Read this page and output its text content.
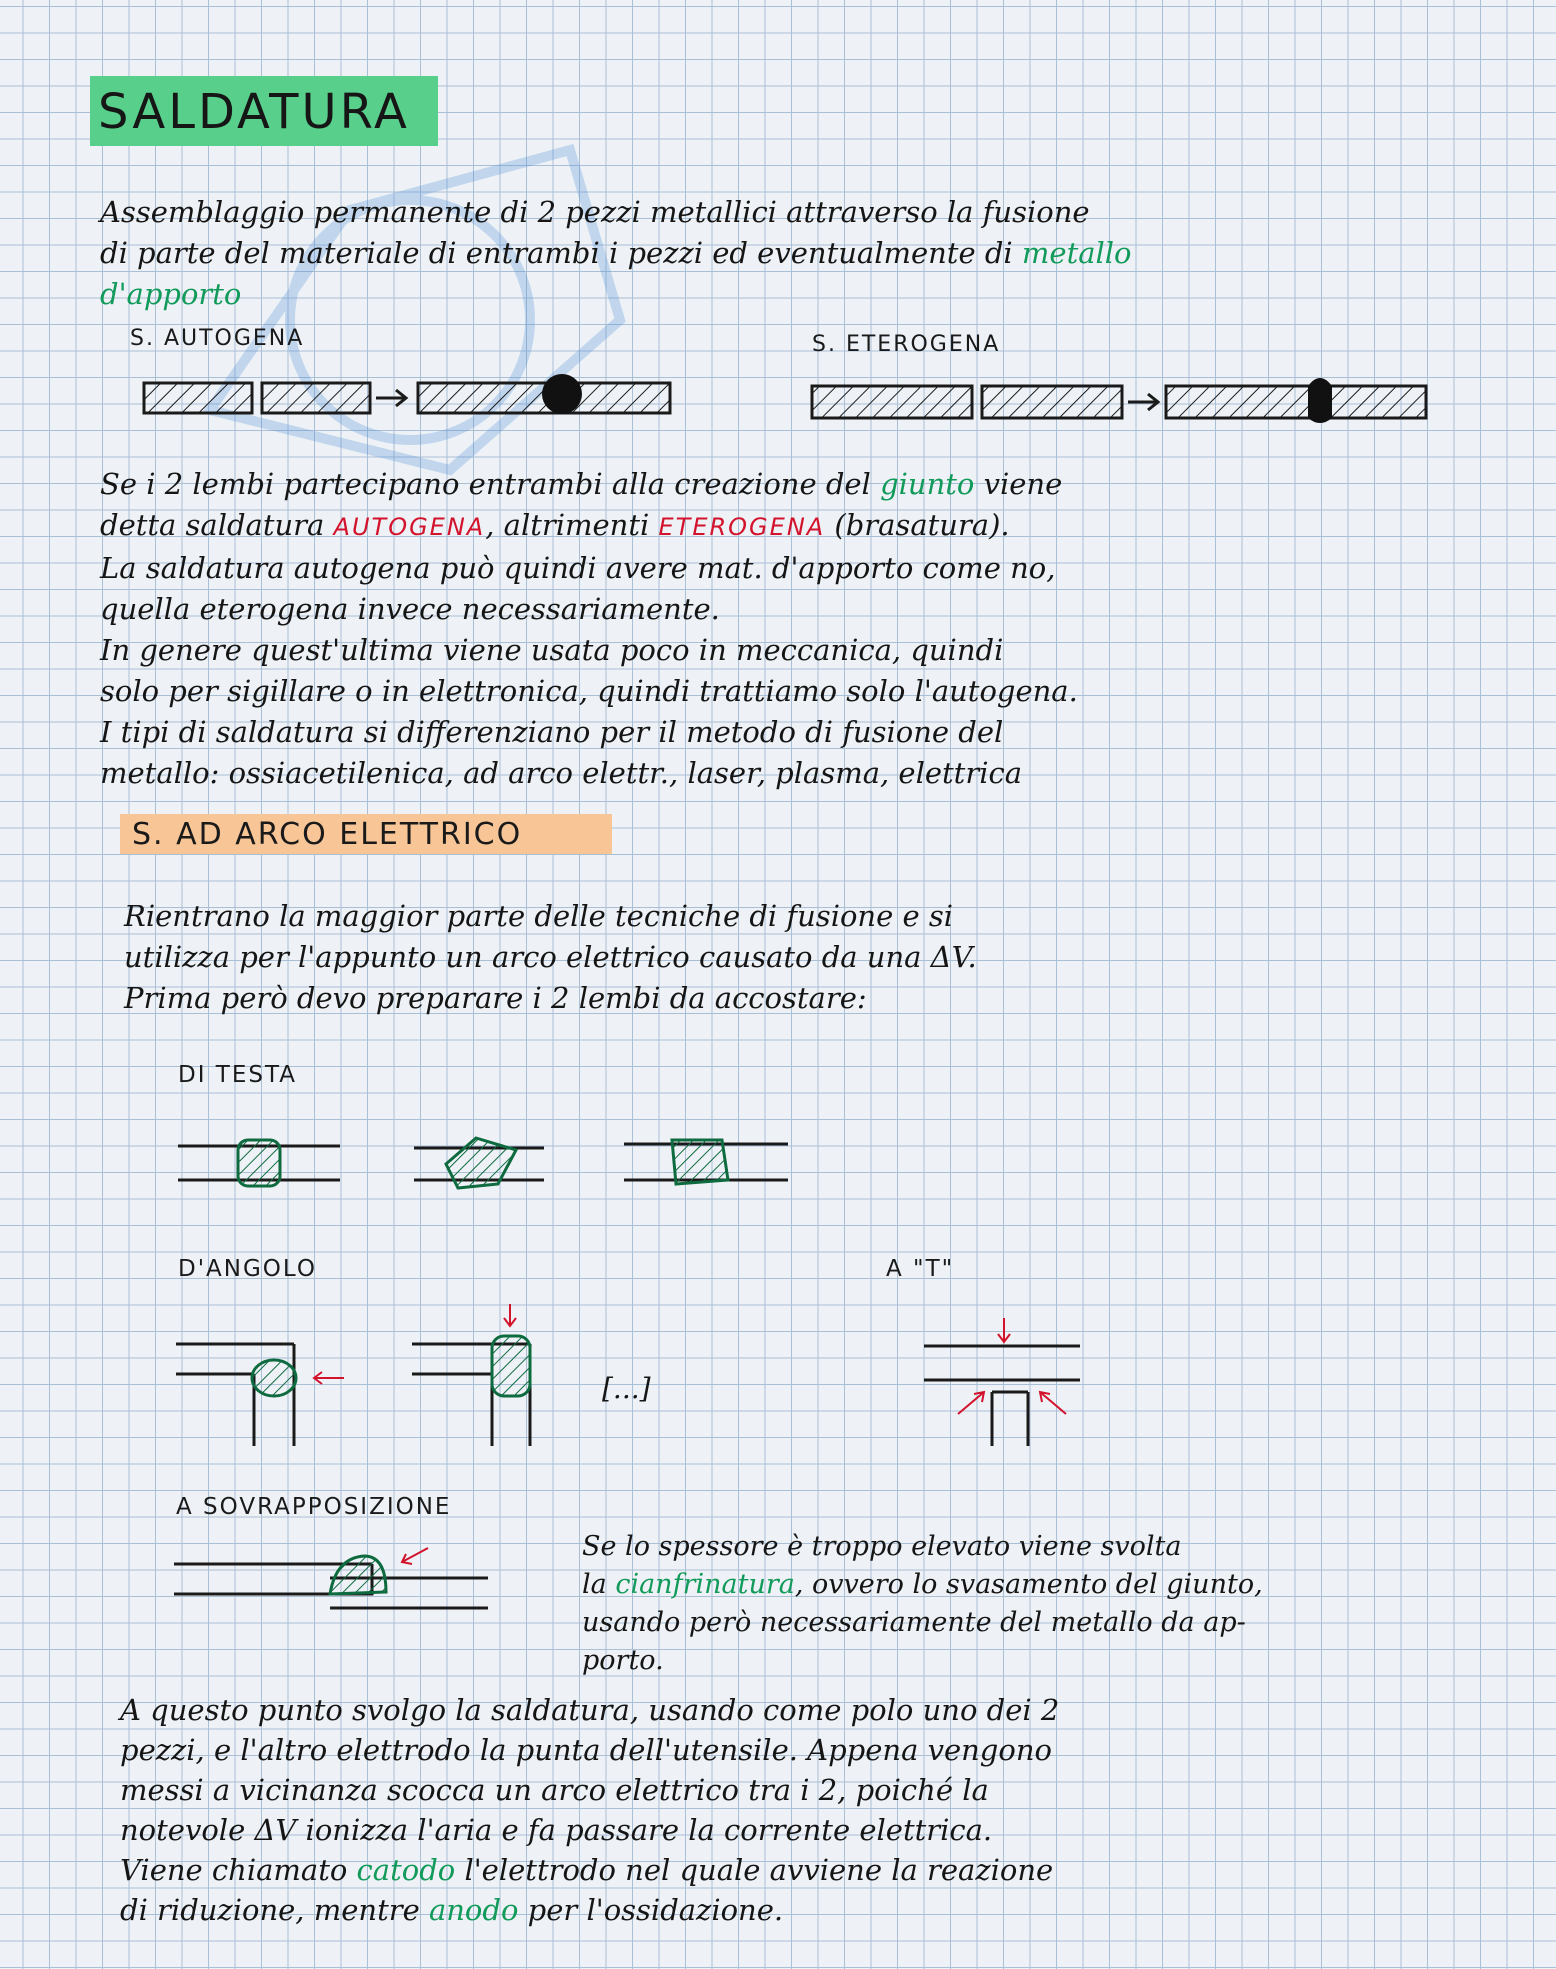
SALDATURA
Assemblaggio permanente di 2 pezzi metallici attraverso la fusione
di parte del materiale di entrambi i pezzi ed eventualmente di metallo
d'apporto
S. AUTOGENA	S. ETEROGENA
Se i 2 lembi partecipano entrambi alla creazione del giunto viene
detta saldatura AUTOGENA, altrimenti ETEROGENA (brasatura).
La saldatura autogena può quindi avere mat. d'apporto come no,
quella eterogena invece necessariamente.
In genere quest'ultima viene usata poco in meccanica, quindi
solo per sigillare o in elettronica, quindi trattiamo solo l'autogena.
I tipi di saldatura si differenziano per il metodo di fusione del
metallo: ossiacetilenica, ad arco elettr., laser, plasma, elettrica
S. AD ARCO ELETTRICO
Rientrano la maggior parte delle tecniche di fusione e si
utilizza per l'appunto un arco elettrico causato da una ΔV.
Prima però devo preparare i 2 lembi da accostare:
DI TESTA
D'ANGOLO	A "T"
[...]
A SOVRAPPOSIZIONE
Se lo spessore è troppo elevato viene svolta
la cianfrinatura, ovvero lo svasamento del giunto,
usando però necessariamente del metallo da ap-
porto.
A questo punto svolgo la saldatura, usando come polo uno dei 2
pezzi, e l'altro elettrodo la punta dell'utensile. Appena vengono
messi a vicinanza scocca un arco elettrico tra i 2, poiché la
notevole ΔV ionizza l'aria e fa passare la corrente elettrica.
Viene chiamato catodo l'elettrodo nel quale avviene la reazione
di riduzione, mentre anodo per l'ossidazione.
